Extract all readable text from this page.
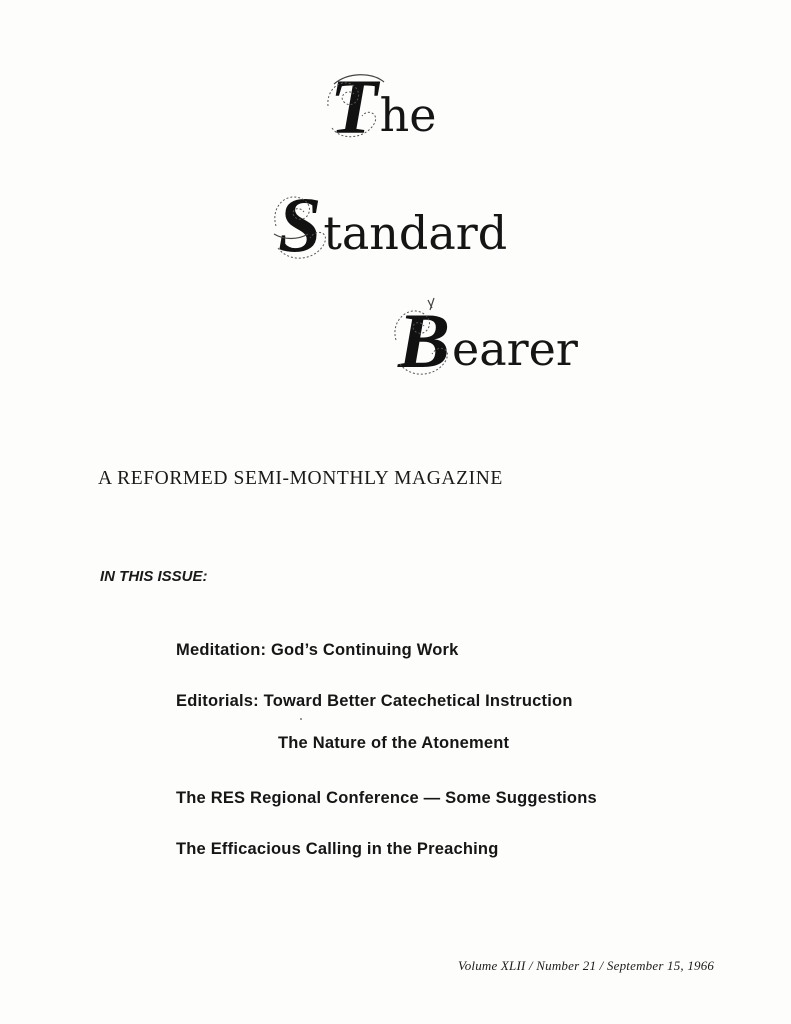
T he
S tandard
B earer
A REFORMED SEMI-MONTHLY MAGAZINE
IN THIS ISSUE:
Meditation: God’s Continuing Work
Editorials: Toward Better Catechetical Instruction
The Nature of the Atonement
The RES Regional Conference — Some Suggestions
The Efficacious Calling in the Preaching
Volume XLII / Number 21 / September 15, 1966
